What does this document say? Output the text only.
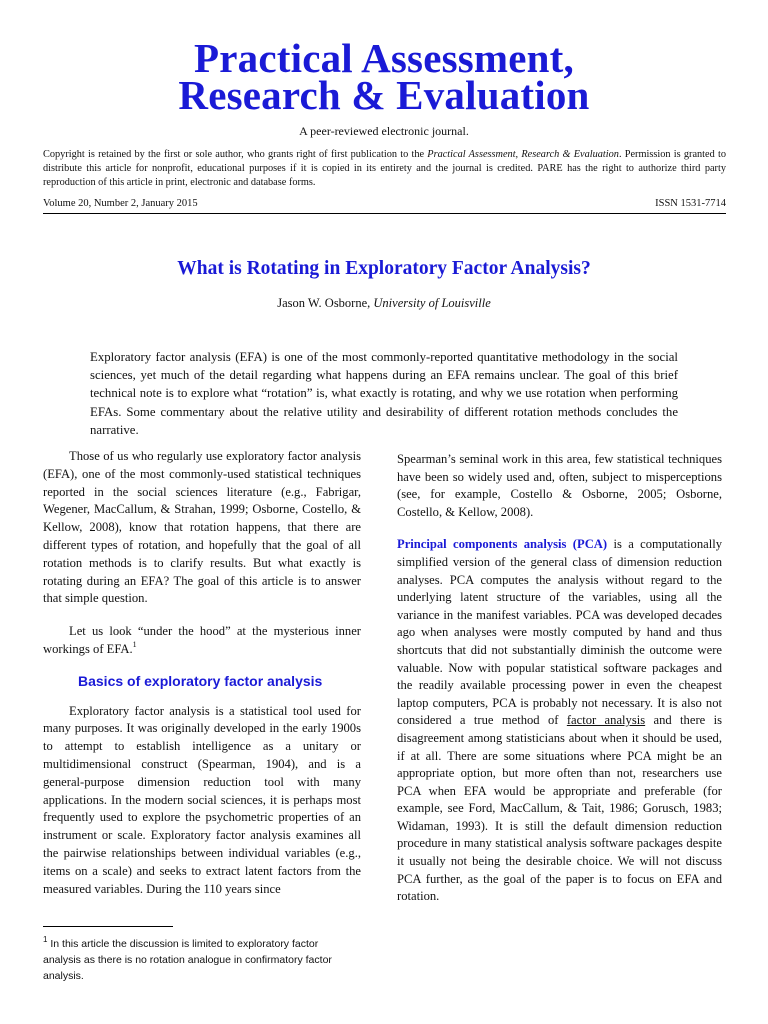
Practical Assessment,
Research & Evaluation
A peer-reviewed electronic journal.
Copyright is retained by the first or sole author, who grants right of first publication to the Practical Assessment, Research & Evaluation. Permission is granted to distribute this article for nonprofit, educational purposes if it is copied in its entirety and the journal is credited. PARE has the right to authorize third party reproduction of this article in print, electronic and database forms.
Volume 20, Number 2, January 2015	ISSN 1531-7714
What is Rotating in Exploratory Factor Analysis?
Jason W. Osborne, University of Louisville

Exploratory factor analysis (EFA) is one of the most commonly-reported quantitative methodology in the social sciences, yet much of the detail regarding what happens during an EFA remains unclear. The goal of this brief technical note is to explore what “rotation” is, what exactly is rotating, and why we use rotation when performing EFAs. Some commentary about the relative utility and desirability of different rotation methods concludes the narrative.

Those of us who regularly use exploratory factor analysis (EFA), one of the most commonly-used statistical techniques reported in the social sciences literature (e.g., Fabrigar, Wegener, MacCallum, & Strahan, 1999; Osborne, Costello, & Kellow, 2008), know that rotation happens, that there are different types of rotation, and hopefully that the goal of all rotation methods is to clarify results. But what exactly is rotating during an EFA? The goal of this article is to answer that simple question.

Let us look “under the hood” at the mysterious inner workings of EFA.$^1$

Basics of exploratory factor analysis

Exploratory factor analysis is a statistical tool used for many purposes. It was originally developed in the early 1900s to attempt to establish intelligence as a unitary or multidimensional construct (Spearman, 1904), and is a general-purpose dimension reduction tool with many applications. In the modern social sciences, it is perhaps most frequently used to explore the psychometric properties of an instrument or scale. Exploratory factor analysis examines all the pairwise relationships between individual variables (e.g., items on a scale) and seeks to extract latent factors from the measured variables. During the 110 years since

Spearman’s seminal work in this area, few statistical techniques have been so widely used and, often, subject to misperceptions (see, for example, Costello & Osborne, 2005; Osborne, Costello, & Kellow, 2008).

Principal components analysis (PCA) is a computationally simplified version of the general class of dimension reduction analyses. PCA computes the analysis without regard to the underlying latent structure of the variables, using all the variance in the manifest variables. PCA was developed decades ago when analyses were mostly computed by hand and thus shortcuts that did not substantially diminish the outcome were valuable. Now with popular statistical software packages and the readily available processing power in even the cheapest laptop computers, PCA is probably not necessary. It is also not considered a true method of factor analysis and there is disagreement among statisticians about when it should be used, if at all. There are some situations where PCA might be an appropriate option, but more often than not, researchers use PCA when EFA would be appropriate and preferable (for example, see Ford, MacCallum, & Tait, 1986; Gorusch, 1983; Widaman, 1993). It is still the default dimension reduction procedure in many statistical analysis software packages despite it usually not being the desirable choice. We will not discuss PCA further, as the goal of the paper is to focus on EFA and rotation.

$^1$ In this article the discussion is limited to exploratory factor analysis as there is no rotation analogue in confirmatory factor analysis.
